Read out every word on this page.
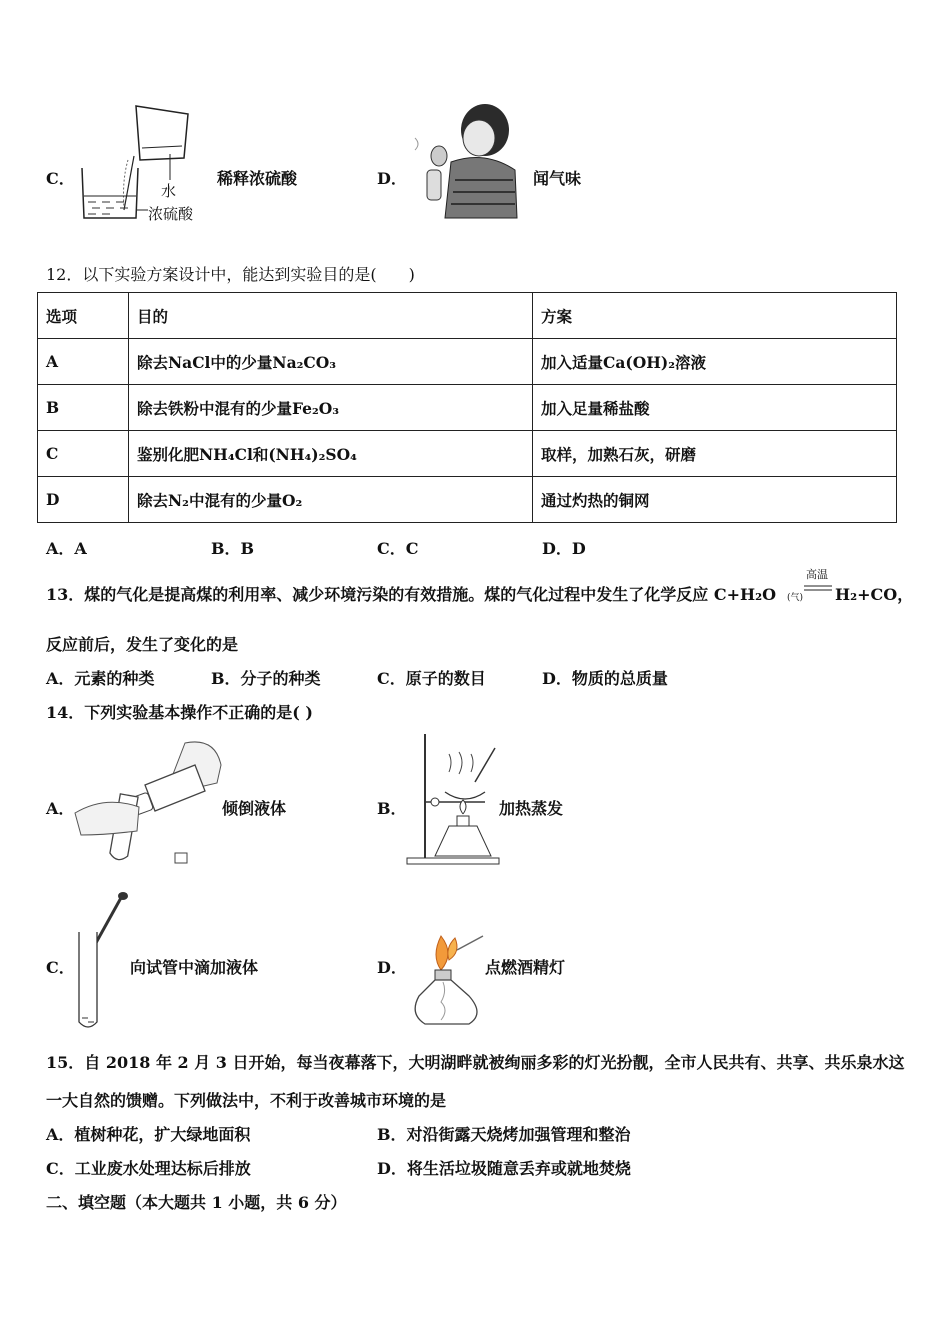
C．
水
浓硫酸
稀释浓硫酸	D．	闻气味
12．以下实验方案设计中，能达到实验目的是(　　)
选项	目的	方案
A	除去NaCl中的少量Na₂CO₃	加入适量Ca(OH)₂溶液
B	除去铁粉中混有的少量Fe₂O₃	加入足量稀盐酸
C	鉴别化肥NH₄Cl和(NH₄)₂SO₄	取样，加熟石灰，研磨
D	除去N₂中混有的少量O₂	通过灼热的铜网
A．A	B．B	C．C	D．D
13．煤的气化是提高煤的利用率、减少环境污染的有效措施。煤的气化过程中发生了化学反应 C+H₂O (气)
高温
H₂+CO，
反应前后，发生了变化的是
A．元素的种类	B．分子的种类	C．原子的数目	D．物质的总质量
14．下列实验基本操作不正确的是( )
A．	倾倒液体	B．	加热蒸发
C．	向试管中滴加液体	D．	点燃酒精灯
15．自 2018 年 2 月 3 日开始，每当夜幕落下，大明湖畔就被绚丽多彩的灯光扮靓，全市人民共有、共享、共乐泉水这
一大自然的馈赠。下列做法中，不利于改善城市环境的是
A．植树种花，扩大绿地面积	B．对沿街露天烧烤加强管理和整治
C．工业废水处理达标后排放	D．将生活垃圾随意丢弃或就地焚烧
二、填空题（本大题共 1 小题，共 6 分）
